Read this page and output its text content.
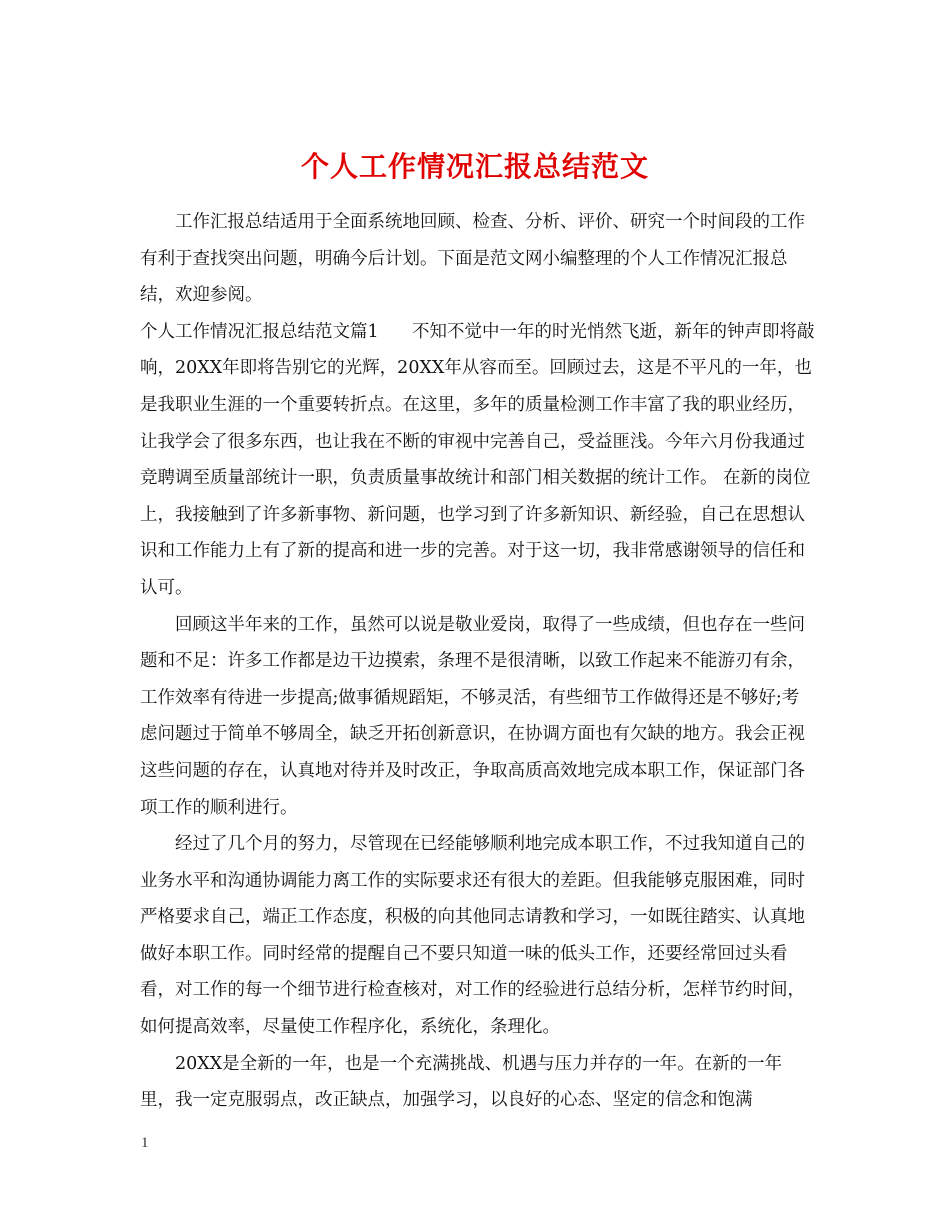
个人工作情况汇报总结范文

工作汇报总结适用于全面系统地回顾、检查、分析、评价、研究一个时间段的工作有利于查找突出问题，明确今后计划。下面是范文网小编整理的个人工作情况汇报总结，欢迎参阅。

个人工作情况汇报总结范文篇1 不知不觉中一年的时光悄然飞逝，新年的钟声即将敲响，20XX年即将告别它的光辉，20XX年从容而至。回顾过去，这是不平凡的一年，也是我职业生涯的一个重要转折点。在这里，多年的质量检测工作丰富了我的职业经历，让我学会了很多东西，也让我在不断的审视中完善自己，受益匪浅。今年六月份我通过竞聘调至质量部统计一职，负责质量事故统计和部门相关数据的统计工作。 在新的岗位上，我接触到了许多新事物、新问题，也学习到了许多新知识、新经验，自己在思想认识和工作能力上有了新的提高和进一步的完善。对于这一切，我非常感谢领导的信任和认可。

回顾这半年来的工作，虽然可以说是敬业爱岗，取得了一些成绩，但也存在一些问题和不足：许多工作都是边干边摸索，条理不是很清晰，以致工作起来不能游刃有余，工作效率有待进一步提高;做事循规蹈矩，不够灵活，有些细节工作做得还是不够好;考虑问题过于简单不够周全，缺乏开拓创新意识，在协调方面也有欠缺的地方。我会正视这些问题的存在，认真地对待并及时改正，争取高质高效地完成本职工作，保证部门各项工作的顺利进行。

经过了几个月的努力，尽管现在已经能够顺利地完成本职工作，不过我知道自己的业务水平和沟通协调能力离工作的实际要求还有很大的差距。但我能够克服困难，同时严格要求自己，端正工作态度，积极的向其他同志请教和学习，一如既往踏实、认真地做好本职工作。同时经常的提醒自己不要只知道一味的低头工作，还要经常回过头看看，对工作的每一个细节进行检查核对，对工作的经验进行总结分析，怎样节约时间，如何提高效率，尽量使工作程序化，系统化，条理化。

20XX是全新的一年，也是一个充满挑战、机遇与压力并存的一年。在新的一年里，我一定克服弱点，改正缺点，加强学习，以良好的心态、坚定的信念和饱满

1
